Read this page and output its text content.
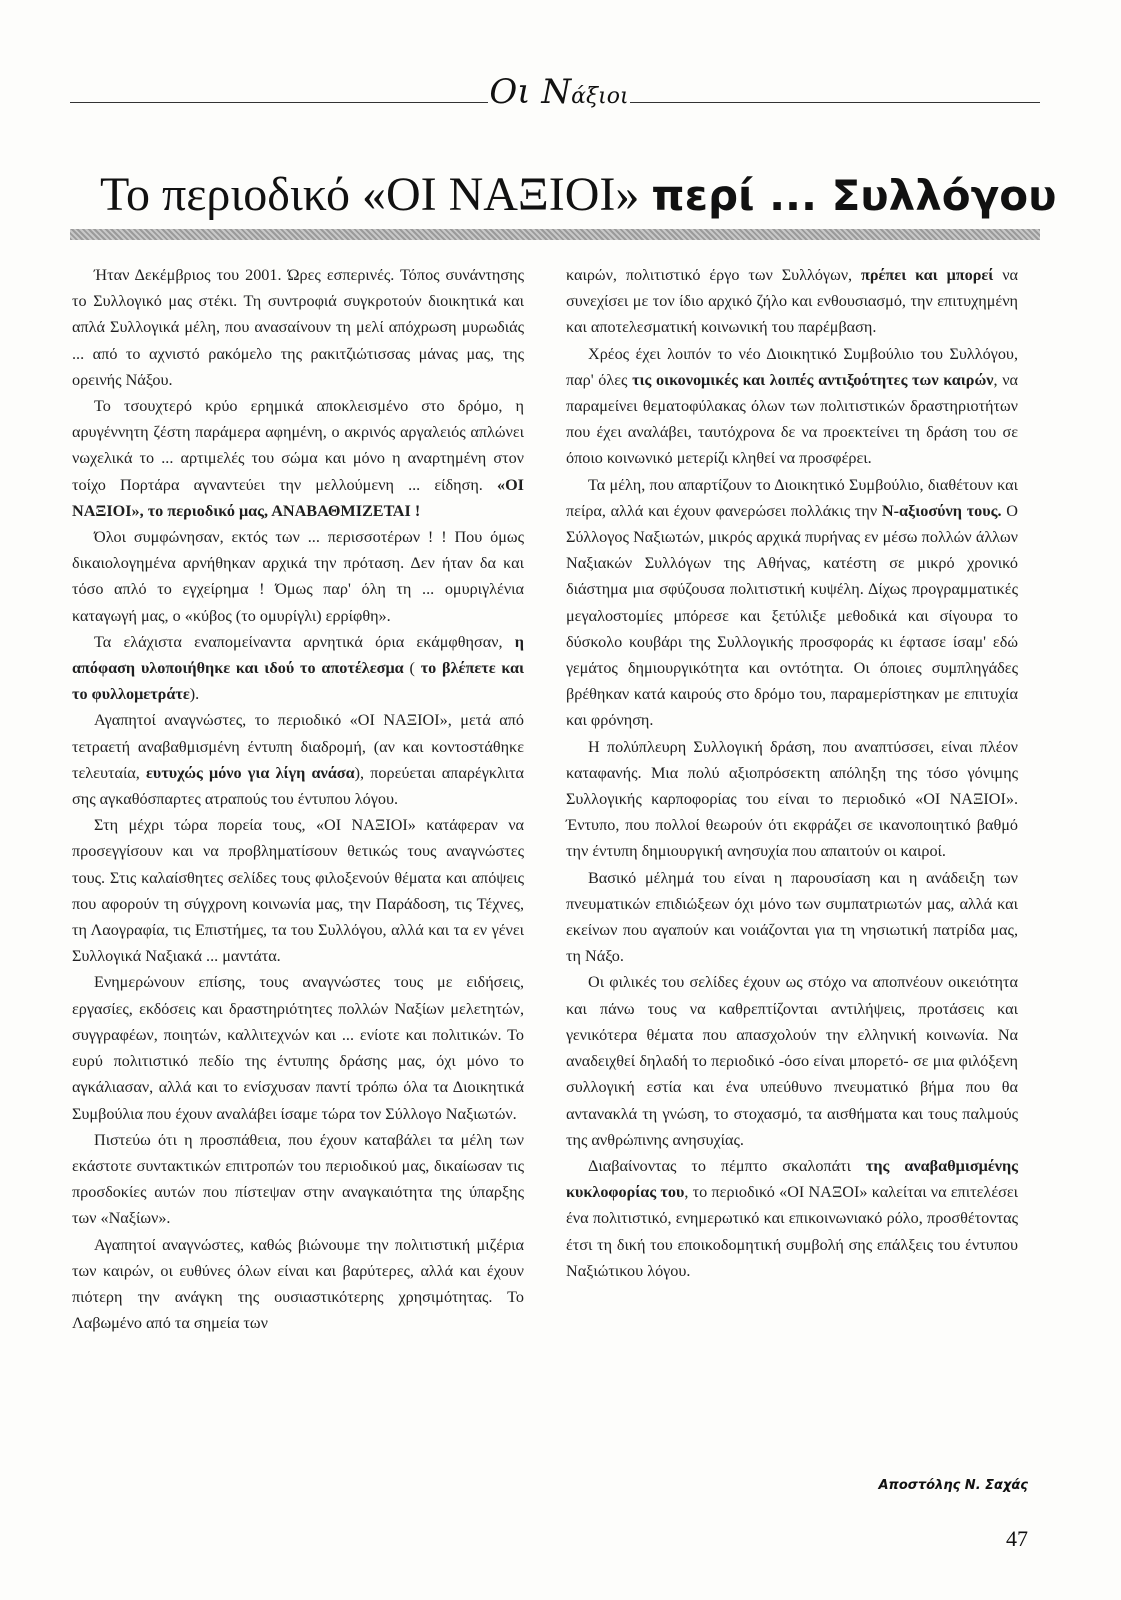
Οι Νάξιοι
Το περιοδικό «ΟΙ ΝΑΞΙΟΙ» περί ... Συλλόγου

Ήταν Δεκέμβριος του 2001. Ώρες εσπερινές. Τόπος συνάντησης το Συλλογικό μας στέκι. Τη συντροφιά συγκροτούν διοικητικά και απλά Συλλογικά μέλη, που ανασαίνουν τη μελί απόχρωση μυρωδιάς ... από το αχνιστό ρακόμελο της ρακιτζιώτισσας μάνας μας, της ορεινής Νάξου.

Το τσουχτερό κρύο ερημικά αποκλεισμένο στο δρόμο, η αρυγέννητη ζέστη παράμερα αφημένη, ο ακρινός αργαλειός απλώνει νωχελικά το ... αρτιμελές του σώμα και μόνο η αναρτημένη στον τοίχο Πορτάρα αγναντεύει την μελλούμενη ... είδηση. «ΟΙ ΝΑΞΙΟΙ», το περιοδικό μας, ΑΝΑΒΑΘΜΙΖΕΤΑΙ !

Όλοι συμφώνησαν, εκτός των ... περισσοτέρων ! ! Που όμως δικαιολογημένα αρνήθηκαν αρχικά την πρόταση. Δεν ήταν δα και τόσο απλό το εγχείρημα ! Όμως παρ' όλη τη ... ομυριγλένια καταγωγή μας, ο «κύβος (το ομυρίγλι) ερρίφθη».

Τα ελάχιστα εναπομείναντα αρνητικά όρια εκάμφθησαν, η απόφαση υλοποιήθηκε και ιδού το αποτέλεσμα ( το βλέπετε και το φυλλομετράτε).

Αγαπητοί αναγνώστες, το περιοδικό «ΟΙ ΝΑΞΙΟΙ», μετά από τετραετή αναβαθμισμένη έντυπη διαδρομή, (αν και κοντοστάθηκε τελευταία, ευτυχώς μόνο για λίγη ανάσα), πορεύεται απαρέγκλιτα σης αγκαθόσπαρτες ατραπούς του έντυπου λόγου.

Στη μέχρι τώρα πορεία τους, «ΟΙ ΝΑΞΙΟΙ» κατάφεραν να προσεγγίσουν και να προβληματίσουν θετικώς τους αναγνώστες τους. Στις καλαίσθητες σελίδες τους φιλοξενούν θέματα και απόψεις που αφορούν τη σύγχρονη κοινωνία μας, την Παράδοση, τις Τέχνες, τη Λαογραφία, τις Επιστήμες, τα του Συλλόγου, αλλά και τα εν γένει Συλλογικά Ναξιακά ... μαντάτα.

Ενημερώνουν επίσης, τους αναγνώστες τους με ειδήσεις, εργασίες, εκδόσεις και δραστηριότητες πολλών Ναξίων μελετητών, συγγραφέων, ποιητών, καλλιτεχνών και ... ενίοτε και πολιτικών. Το ευρύ πολιτιστικό πεδίο της έντυπης δράσης μας, όχι μόνο το αγκάλιασαν, αλλά και το ενίσχυσαν παντί τρόπω όλα τα Διοικητικά Συμβούλια που έχουν αναλάβει ίσαμε τώρα τον Σύλλογο Ναξιωτών.

Πιστεύω ότι η προσπάθεια, που έχουν καταβάλει τα μέλη των εκάστοτε συντακτικών επιτροπών του περιοδικού μας, δικαίωσαν τις προσδοκίες αυτών που πίστεψαν στην αναγκαιότητα της ύπαρξης των «Ναξίων».

Αγαπητοί αναγνώστες, καθώς βιώνουμε την πολιτιστική μιζέρια των καιρών, οι ευθύνες όλων είναι και βαρύτερες, αλλά και έχουν πιότερη την ανάγκη της ουσιαστικότερης χρησιμότητας. Το Λαβωμένο από τα σημεία των

καιρών, πολιτιστικό έργο των Συλλόγων, πρέπει και μπορεί να συνεχίσει με τον ίδιο αρχικό ζήλο και ενθουσιασμό, την επιτυχημένη και αποτελεσματική κοινωνική του παρέμβαση.

Χρέος έχει λοιπόν το νέο Διοικητικό Συμβούλιο του Συλλόγου, παρ' όλες τις οικονομικές και λοιπές αντιξοότητες των καιρών, να παραμείνει θεματοφύλακας όλων των πολιτιστικών δραστηριοτήτων που έχει αναλάβει, ταυτόχρονα δε να προεκτείνει τη δράση του σε όποιο κοινωνικό μετερίζι κληθεί να προσφέρει.

Τα μέλη, που απαρτίζουν το Διοικητικό Συμβούλιο, διαθέτουν και πείρα, αλλά και έχουν φανερώσει πολλάκις την Ν-αξιοσύνη τους. Ο Σύλλογος Ναξιωτών, μικρός αρχικά πυρήνας εν μέσω πολλών άλλων Ναξιακών Συλλόγων της Αθήνας, κατέστη σε μικρό χρονικό διάστημα μια σφύζουσα πολιτιστική κυψέλη. Δίχως προγραμματικές μεγαλοστομίες μπόρεσε και ξετύλιξε μεθοδικά και σίγουρα το δύσκολο κουβάρι της Συλλογικής προσφοράς κι έφτασε ίσαμ' εδώ γεμάτος δημιουργικότητα και οντότητα. Οι όποιες συμπληγάδες βρέθηκαν κατά καιρούς στο δρόμο του, παραμερίστηκαν με επιτυχία και φρόνηση.

Η πολύπλευρη Συλλογική δράση, που αναπτύσσει, είναι πλέον καταφανής. Μια πολύ αξιοπρόσεκτη απόληξη της τόσο γόνιμης Συλλογικής καρποφορίας του είναι το περιοδικό «ΟΙ ΝΑΞΙΟΙ». Έντυπο, που πολλοί θεωρούν ότι εκφράζει σε ικανοποιητικό βαθμό την έντυπη δημιουργική ανησυχία που απαιτούν οι καιροί.

Βασικό μέλημά του είναι η παρουσίαση και η ανάδειξη των πνευματικών επιδιώξεων όχι μόνο των συμπατριωτών μας, αλλά και εκείνων που αγαπούν και νοιάζονται για τη νησιωτική πατρίδα μας, τη Νάξο.

Οι φιλικές του σελίδες έχουν ως στόχο να αποπνέουν οικειότητα και πάνω τους να καθρεπτίζονται αντιλήψεις, προτάσεις και γενικότερα θέματα που απασχολούν την ελληνική κοινωνία. Να αναδειχθεί δηλαδή το περιοδικό -όσο είναι μπορετό- σε μια φιλόξενη συλλογική εστία και ένα υπεύθυνο πνευματικό βήμα που θα αντανακλά τη γνώση, το στοχασμό, τα αισθήματα και τους παλμούς της ανθρώπινης ανησυχίας.

Διαβαίνοντας το πέμπτο σκαλοπάτι της αναβαθμισμένης κυκλοφορίας του, το περιοδικό «ΟΙ ΝΑΞΟΙ» καλείται να επιτελέσει ένα πολιτιστικό, ενημερωτικό και επικοινωνιακό ρόλο, προσθέτοντας έτσι τη δική του εποικοδομητική συμβολή σης επάλξεις του έντυπου Ναξιώτικου λόγου.

Αποστόλης Ν. Σαχάς
47
